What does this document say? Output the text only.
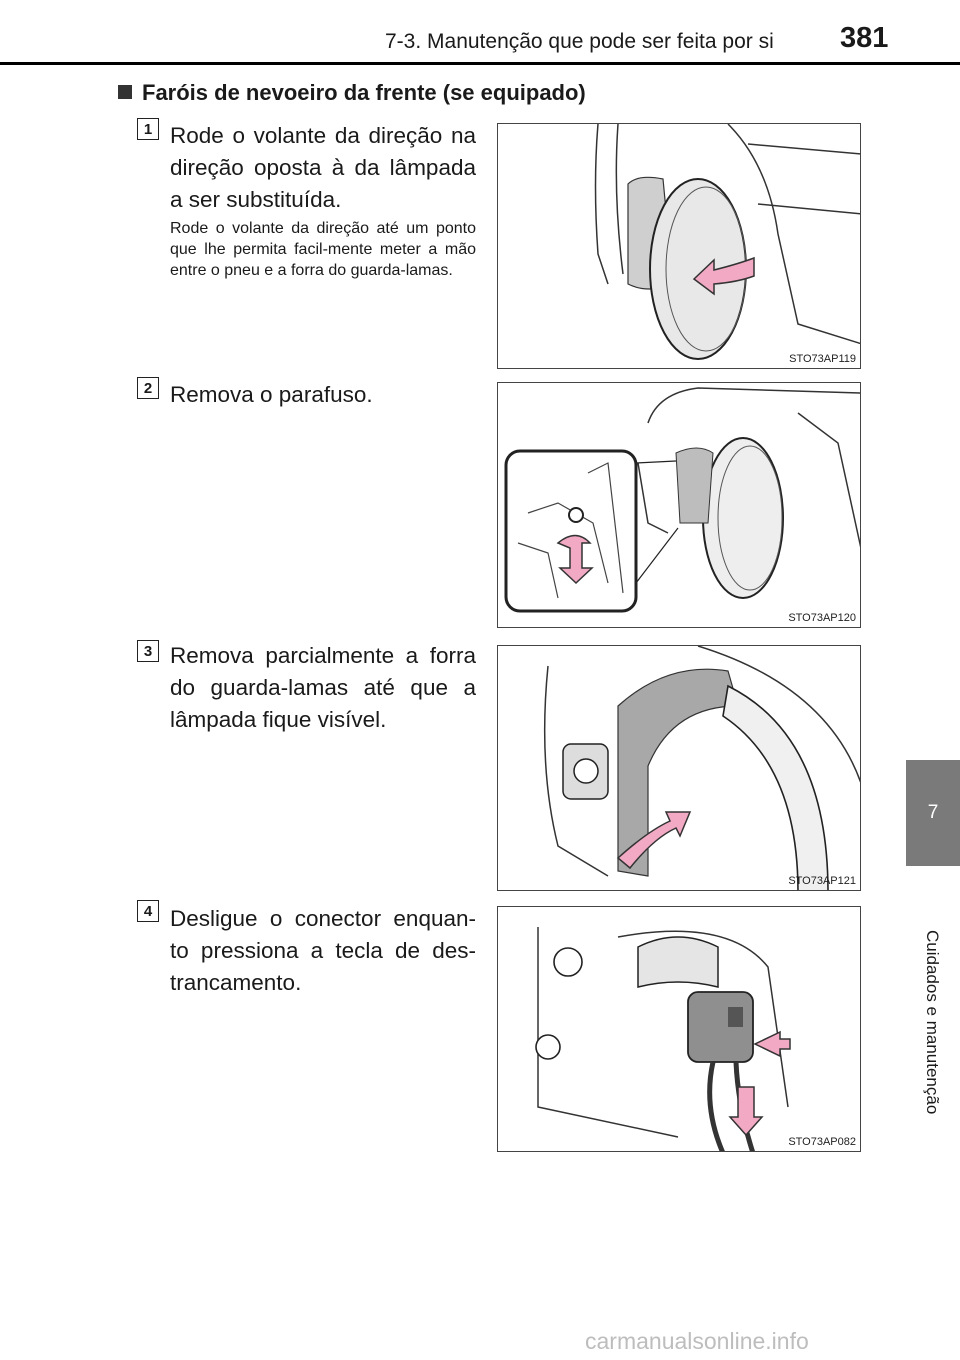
7-3. Manutenção que pode ser feita por si 381
Faróis de nevoeiro da frente (se equipado)
1 Rode o volante da direção na direção oposta à da lâmpada a ser substituída.
Rode o volante da direção até um ponto que lhe permita facil-mente meter a mão entre o pneu e a forra do guarda-lamas.
STO73AP119
2 Remova o parafuso.
STO73AP120
3 Remova parcialmente a forra do guarda-lamas até que a lâmpada fique visível.
STO73AP121
4 Desligue o conector enquan-to pressiona a tecla de des-trancamento.
STO73AP082
7
Cuidados e manutenção
carmanualsonline.info
